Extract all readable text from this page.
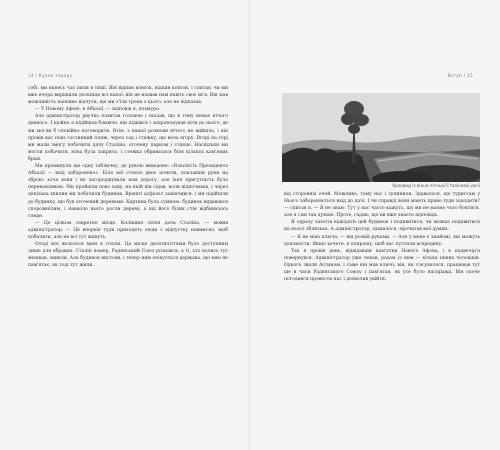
14 / Кухня терору

собі: ми якнесь час пили в тиші. Він відпив ковток, відпив ковток, і спитав, чи ми вже вчора вирішили доскінця всі напої: він не назвав нам навіть своє ім'я. Він мав можливість напевно відчути, що ми з'їли трохи з цього, але не відказав.

— У Новому Афоні, в Абхазії, — відповів я, похмуро.

Але адміністратор рвучко похитав головою і сказав, що в тому немає нічого дивного. І щойно я підійшов ближче, він підвівся і запропонував піти до нього, де ми могли б спокійно поговорити. Втім, з нашої розмови нічого не вийшло, і він провів нас повз гостинний пляж, через сад і стежку, що вела вгору. Вгорі на горі ми мали змогу побачити дачу Сталіна, оточену парком і стіною. Наскільки ми могли побачити, вона була закрита, і стежка обривалася біля кількох кам'яних брам.

Ми проминули ще одну табличку, де рукою виведене: «Власність Президента Абхазії — вхід заборонено». Біля неї стояло двоє агентів, поклавши руки на зброю: хоча вони і не загороджували нам дорогу, але їхня присутність була переконливою. Ми пройшли повз лаву, на якій він сідав, коли відпочивав, і через декілька хвилин ми побачили будинок. Врешті асфальт закінчився, і ми підійшли до будинку, що був оточений деревами. Картина була сумною: будинок видавався спорожнілим, і навколо нього росли дерева, а від його білих стін відбивалось сонце.

— Це цілком секретне місце. Колишня літня дача Сталіна, — мовив адміністратор. — Це вперше туди приходять люди з відпустку навмисно, щоб побачити, але не всі тут живуть.

Отоді все вклалося мені в голові. Це місце десятиліттями було доступним лише для обраних. Сталін помер, Радянський Союз розпався, а ті, хто колись тут мешкав, зникли. Але будинок вистояв, і тепер ним опікується держава, що вже не пам'ятає, як тоді тут жили.

Вступ / 15
Краєвид із вікна літньої Сталінової дачі

від сторонніх очей. Можливо, тому нас і зупинили. Здавалося, що туристам у Нього забороняється вхід до дачі. І чи справді вони мають право туди заходити? — спитав я. — Я не знаю. Тут у нас часто кажуть, що ми не маємо чого боятися, але я сам так думаю. Проте, гадаю, що ви вже знаєте відповідь.

Я одразу захотів відвідати цей будинок і подивитися, чи можна подивитися на нього зблизька. А адміністратор, здавалося, прочитав мої думки:

— Я не маю ключа, — він розвів руками. — Але у мене є знайомі, які можуть допомогти. Якщо хочете, я попрошу, щоб вас пустили всередину.

Так я провів день, відвідавши пам'ятки Нового Афона, і в надвечір'я повернувся. Адміністратор уже чекав, разом із ним — кілька інших чоловіків. Одного звали Асланом, і саме він мав ключі; він, як з'ясувалося, працював тут ще в часи Радянського Союзу і пам'ятав, як усе було насправді. Він охоче погодився провести нас і дозволив увійти.
